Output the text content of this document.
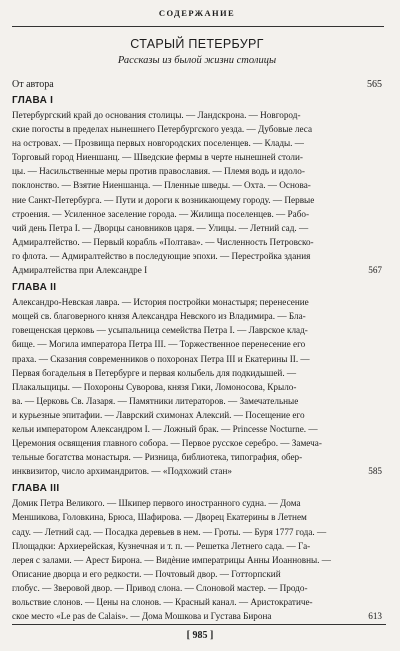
СОДЕРЖАНИЕ
СТАРЫЙ ПЕТЕРБУРГ
Рассказы из былой жизни столицы
От автора	565
ГЛАВА I
Петербургский край до основания столицы. — Ландскрона. — Новгород-
ские погосты в пределах нынешнего Петербургского уезда. — Дубовые леса
на островах. — Прозвища первых новгородских поселенцев. — Клады. —
Торговый город Ниеншанц. — Шведские фермы в черте нынешней столи-
цы. — Насильственные меры против православия. — Племя водь и идоло-
поклонство. — Взятие Ниеншанца. — Пленные шведы. — Охта. — Основа-
ние Санкт-Петербурга. — Пути и дороги к возникающему городу. — Первые
строения. — Усиленное заселение города. — Жилища поселенцев. — Рабо-
чий день Петра I. — Дворцы сановников царя. — Улицы. — Летний сад. —
Адмиралтейство. — Первый корабль «Полтава». — Численность Петровско-
го флота. — Адмиралтейство в последующие эпохи. — Перестройка здания
Адмиралтейства при Александре I	567
ГЛАВА II
Александро-Невская лавра. — История постройки монастыря; перенесение
мощей св. благоверного князя Александра Невского из Владимира. — Бла-
говещенская церковь — усыпальница семейства Петра I. — Лаврское клад-
бище. — Могила императора Петра III. — Торжественное перенесение его
праха. — Сказания современников о похоронах Петра III и Екатерины II. —
Первая богадельня в Петербурге и первая колыбель для подкидышей. —
Плакальщицы. — Похороны Суворова, князя Гики, Ломоносова, Крыло-
ва. — Церковь Св. Лазаря. — Памятники литераторов. — Замечательные
и курьезные эпитафии. — Лаврский схимонах Алексий. — Посещение его
кельи императором Александром I. — Ложный брак. — Princesse Nocturne. —
Церемония освящения главного собора. — Первое русское серебро. — Замеча-
тельные богатства монастыря. — Ризница, библиотека, типография, обер-
инквизитор, число архимандритов. — «Подхожий стан»	585
ГЛАВА III
Домик Петра Великого. — Шкипер первого иностранного судна. — Дома
Меншикова, Головкина, Брюса, Шафирова. — Дворец Екатерины в Летнем
саду. — Летний сад. — Посадка деревьев в нем. — Гроты. — Буря 1777 года. —
Площадки: Архиерейская, Кузнечная и т. п. — Решетка Летнего сада. — Га-
лерея с залами. — Арест Бирона. — Видѐние императрицы Анны Иоанновны. —
Описание дворца и его редкости. — Почтовый двор. — Готторпский
глобус. — Зверовой двор. — Привод слона. — Слоновой мастер. — Продо-
вольствие слонов. — Цены на слонов. — Красный канал. — Аристократиче-
ское место «Le pas de Calais». — Дома Мошкова и Густава Бирона	613
[ 985 ]
